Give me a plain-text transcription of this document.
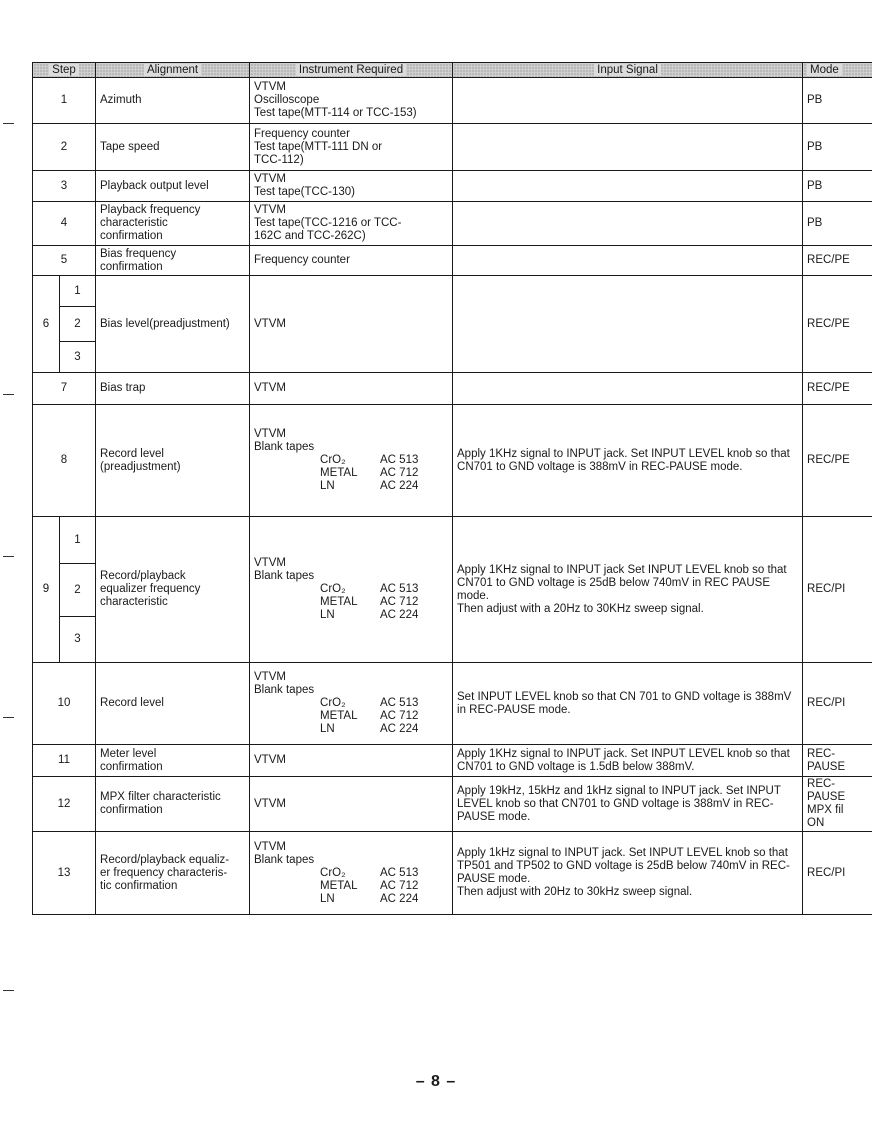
Step		Alignment	Instrument Required	Input Signal	Mode
1		Azimuth	VTVM
Oscilloscope
Test tape(MTT-114 or TCC-153)		PB

2		Tape speed	Frequency counter
Test tape(MTT-111 DN or
TCC-112)		PB

3		Playback output level	VTVM
Test tape(TCC-130)		PB

4		Playback frequency
characteristic
confirmation	VTVM
Test tape(TCC-1216 or TCC-
162C and TCC-262C)		PB

5		Bias frequency
confirmation	Frequency counter		REC/PE

6	1	Bias level(preadjustment)	VTVM		REC/PE

	2				
	3				
7		Bias trap	VTVM		REC/PE

8		Record level
(preadjustment)	VTVM
Blank tapes
CrO₂ AC 513
METAL AC 712
LN AC 224	Apply 1KHz signal to INPUT jack. Set INPUT LEVEL knob so that CN701 to GND voltage is 388mV in REC-PAUSE mode.	REC/PE

9	1	Record/playback
equalizer frequency
characteristic	VTVM
Blank tapes
CrO₂ AC 513
METAL AC 712
LN AC 224	Apply 1KHz signal to INPUT jack Set INPUT LEVEL knob so that CN701 to GND voltage is 25dB below 740mV in REC PAUSE mode.
Then adjust with a 20Hz to 30KHz sweep signal.	REC/PI

	2				
	3				
10		Record level	VTVM
Blank tapes
CrO₂ AC 513
METAL AC 712
LN AC 224	Set INPUT LEVEL knob so that CN 701 to GND voltage is 388mV in REC-PAUSE mode.	REC/PI

11		Meter level
confirmation	VTVM	Apply 1KHz signal to INPUT jack. Set INPUT LEVEL knob so that CN701 to GND voltage is 1.5dB below 388mV.	REC-
PAUSE

12		MPX filter characteristic confirmation	VTVM	Apply 19kHz, 15kHz and 1kHz signal to INPUT jack. Set INPUT LEVEL knob so that CN701 to GND voltage is 388mV in REC-PAUSE mode.	REC-
PAUSE
MPX fil
ON

13		Record/playback equaliz-
er frequency characteris-
tic confirmation	VTVM
Blank tapes
CrO₂ AC 513
METAL AC 712
LN AC 224	Apply 1kHz signal to INPUT jack. Set INPUT LEVEL knob so that TP501 and TP502 to GND voltage is 25dB below 740mV in REC-PAUSE mode.
Then adjust with 20Hz to 30kHz sweep signal.	REC/PI
– 8 –
